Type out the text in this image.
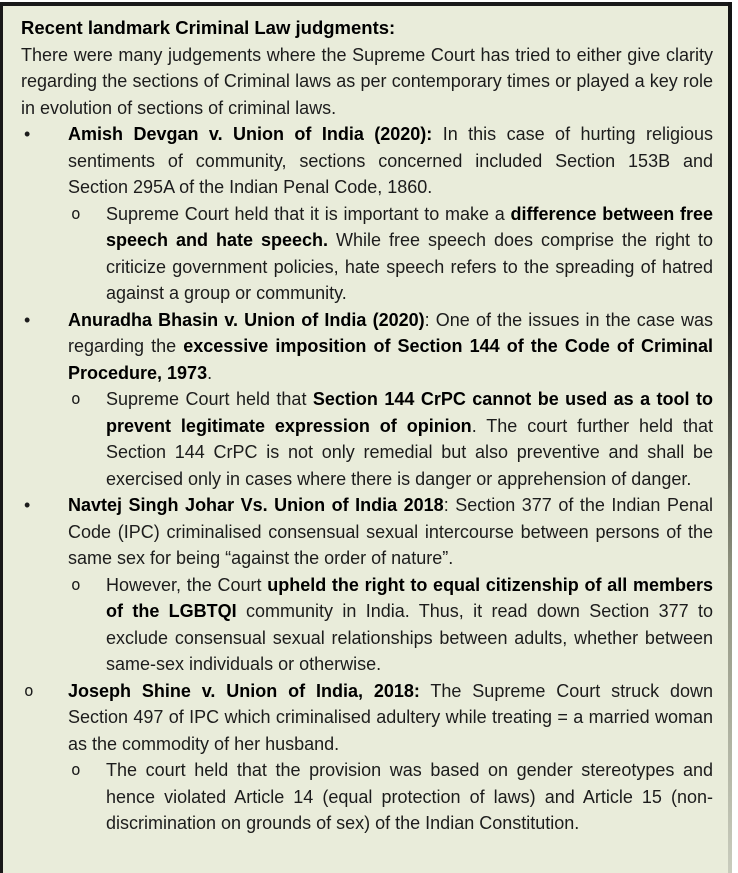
Recent landmark Criminal Law judgments:
There were many judgements where the Supreme Court has tried to either give clarity regarding the sections of Criminal laws as per contemporary times or played a key role in evolution of sections of criminal laws.
• Amish Devgan v. Union of India (2020): In this case of hurting religious sentiments of community, sections concerned included Section 153B and Section 295A of the Indian Penal Code, 1860.
o Supreme Court held that it is important to make a difference between free speech and hate speech. While free speech does comprise the right to criticize government policies, hate speech refers to the spreading of hatred against a group or community.
• Anuradha Bhasin v. Union of India (2020): One of the issues in the case was regarding the excessive imposition of Section 144 of the Code of Criminal Procedure, 1973.
o Supreme Court held that Section 144 CrPC cannot be used as a tool to prevent legitimate expression of opinion. The court further held that Section 144 CrPC is not only remedial but also preventive and shall be exercised only in cases where there is danger or apprehension of danger.
• Navtej Singh Johar Vs. Union of India 2018: Section 377 of the Indian Penal Code (IPC) criminalised consensual sexual intercourse between persons of the same sex for being “against the order of nature”.
o However, the Court upheld the right to equal citizenship of all members of the LGBTQI community in India. Thus, it read down Section 377 to exclude consensual sexual relationships between adults, whether between same-sex individuals or otherwise.
o Joseph Shine v. Union of India, 2018: The Supreme Court struck down Section 497 of IPC which criminalised adultery while treating = a married woman as the commodity of her husband.
o The court held that the provision was based on gender stereotypes and hence violated Article 14 (equal protection of laws) and Article 15 (non-discrimination on grounds of sex) of the Indian Constitution.
